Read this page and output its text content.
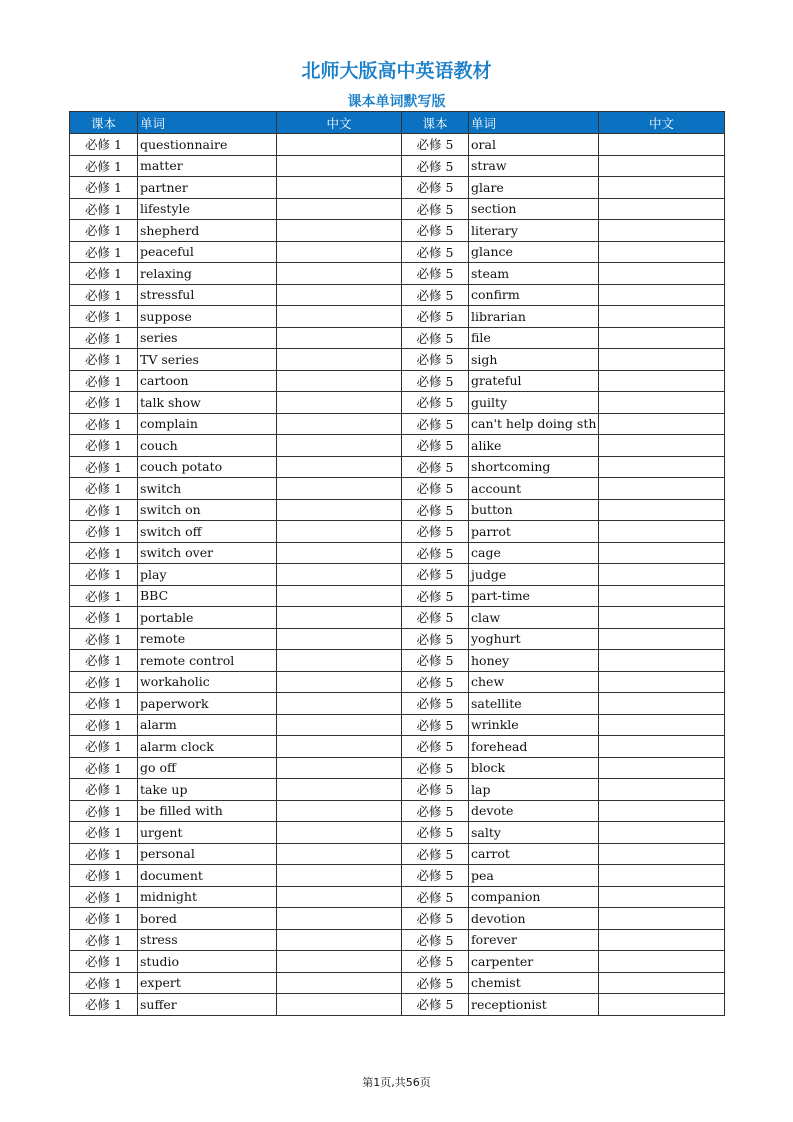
北师大版高中英语教材
课本单词默写版
课本	单词	中文	课本	单词	中文
必修 1	questionnaire		必修 5	oral	
必修 1	matter		必修 5	straw	
必修 1	partner		必修 5	glare	
必修 1	lifestyle		必修 5	section	
必修 1	shepherd		必修 5	literary	
必修 1	peaceful		必修 5	glance	
必修 1	relaxing		必修 5	steam	
必修 1	stressful		必修 5	confirm	
必修 1	suppose		必修 5	librarian	
必修 1	series		必修 5	file	
必修 1	TV series		必修 5	sigh	
必修 1	cartoon		必修 5	grateful	
必修 1	talk show		必修 5	guilty	
必修 1	complain		必修 5	can't help doing sth	
必修 1	couch		必修 5	alike	
必修 1	couch potato		必修 5	shortcoming	
必修 1	switch		必修 5	account	
必修 1	switch on		必修 5	button	
必修 1	switch off		必修 5	parrot	
必修 1	switch over		必修 5	cage	
必修 1	play		必修 5	judge	
必修 1	BBC		必修 5	part-time	
必修 1	portable		必修 5	claw	
必修 1	remote		必修 5	yoghurt	
必修 1	remote control		必修 5	honey	
必修 1	workaholic		必修 5	chew	
必修 1	paperwork		必修 5	satellite	
必修 1	alarm		必修 5	wrinkle	
必修 1	alarm clock		必修 5	forehead	
必修 1	go off		必修 5	block	
必修 1	take up		必修 5	lap	
必修 1	be filled with		必修 5	devote	
必修 1	urgent		必修 5	salty	
必修 1	personal		必修 5	carrot	
必修 1	document		必修 5	pea	
必修 1	midnight		必修 5	companion	
必修 1	bored		必修 5	devotion	
必修 1	stress		必修 5	forever	
必修 1	studio		必修 5	carpenter	
必修 1	expert		必修 5	chemist	
必修 1	suffer		必修 5	receptionist	
第1页,共56页
